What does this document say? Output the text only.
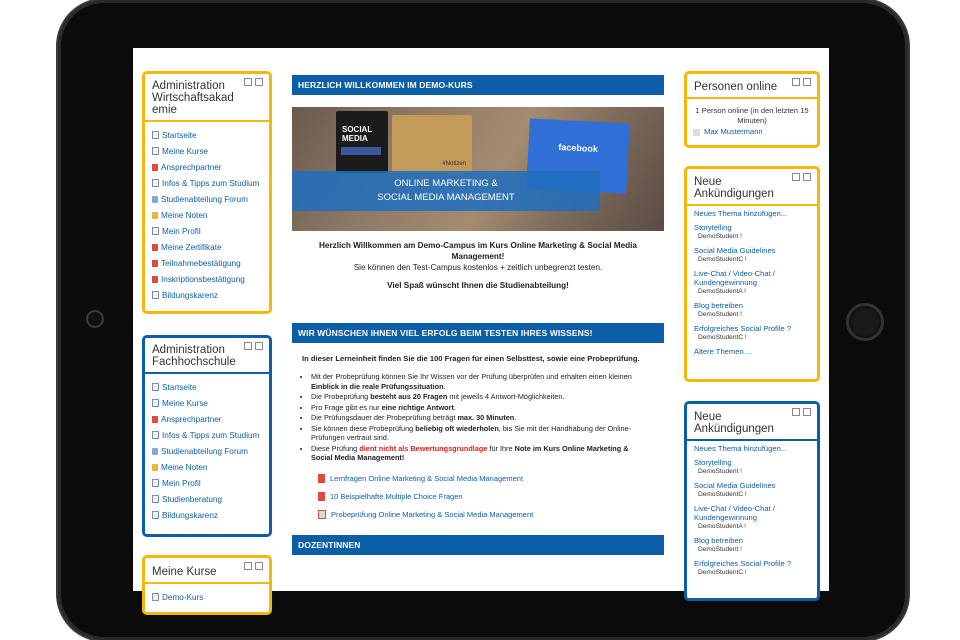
Administration Wirtschaftsakad emie
Startseite
Meine Kurse
Ansprechpartner
Infos & Tipps zum Studium
Studienabteilung Forum
Meine Noten
Mein Profil
Meine Zertifikate
Teilnahmebestätigung
Inskriptionsbestätigung
Bildungskarenz
Administration Fachhochschule
Startseite
Meine Kurse
Ansprechpartner
Infos & Tipps zum Studium
Studienabteilung Forum
Meine Noten
Mein Profil
Studienberatung
Bildungskarenz
Meine Kurse
Demo-Kurs
HERZLICH WILLKOMMEN IM DEMO-KURS
SOCIAL MEDIA
#Notizen
facebook
ONLINE MARKETING &
SOCIAL MEDIA MANAGEMENT
Herzlich Willkommen am Demo-Campus im Kurs Online Marketing & Social Media Management!
Sie können den Test-Campus kostenlos + zeitlich unbegrenzt testen.
Viel Spaß wünscht Ihnen die Studienabteilung!
WIR WÜNSCHEN IHNEN VIEL ERFOLG BEIM TESTEN IHRES WISSENS!
In dieser Lerneinheit finden Sie die 100 Fragen für einen Selbsttest, sowie eine Probeprüfung.
• Mit der Probeprüfung können Sie Ihr Wissen vor der Prüfung überprüfen und erhalten einen kleinen Einblick in die reale Prüfungssituation.
• Die Probeprüfung besteht aus 20 Fragen mit jeweils 4 Antwort-Möglichkeiten.
• Pro Frage gibt es nur eine richtige Antwort.
• Die Prüfungsdauer der Probeprüfung beträgt max. 30 Minuten.
• Sie können diese Probeprüfung beliebig oft wiederholen, bis Sie mit der Handhabung der Online-Prüfungen vertraut sind.
• Diese Prüfung dient nicht als Bewertungsgrundlage für Ihre Note im Kurs Online Marketing & Social Media Management!
Lernfragen Online Marketing & Social Media Management
10 Beispielhafte Multiple Choice Fragen
Probeprüfung Online Marketing & Social Media Management
DOZENTINNEN
Personen online
1 Person online (in den letzten 15 Minuten)
Max Mustermann
Neue Ankündigungen
Neues Thema hinzufügen...
Storytelling
DemoStudent !
Social Media Guidelines
DemoStudentC !
Live-Chat / Video-Chat / Kundengewinnung
DemoStudentA !
Blog betreiben
DemoStudent !
Erfolgreiches Social Profile ?
DemoStudentC !
Ältere Themen ...
Neue Ankündigungen
Neues Thema hinzufügen...
Storytelling
DemoStudent !
Social Media Guidelines
DemoStudentC !
Live-Chat / Video-Chat / Kundengewinnung
DemoStudentA !
Blog betreiben
DemoStudent !
Erfolgreiches Social Profile ?
DemoStudentC !
